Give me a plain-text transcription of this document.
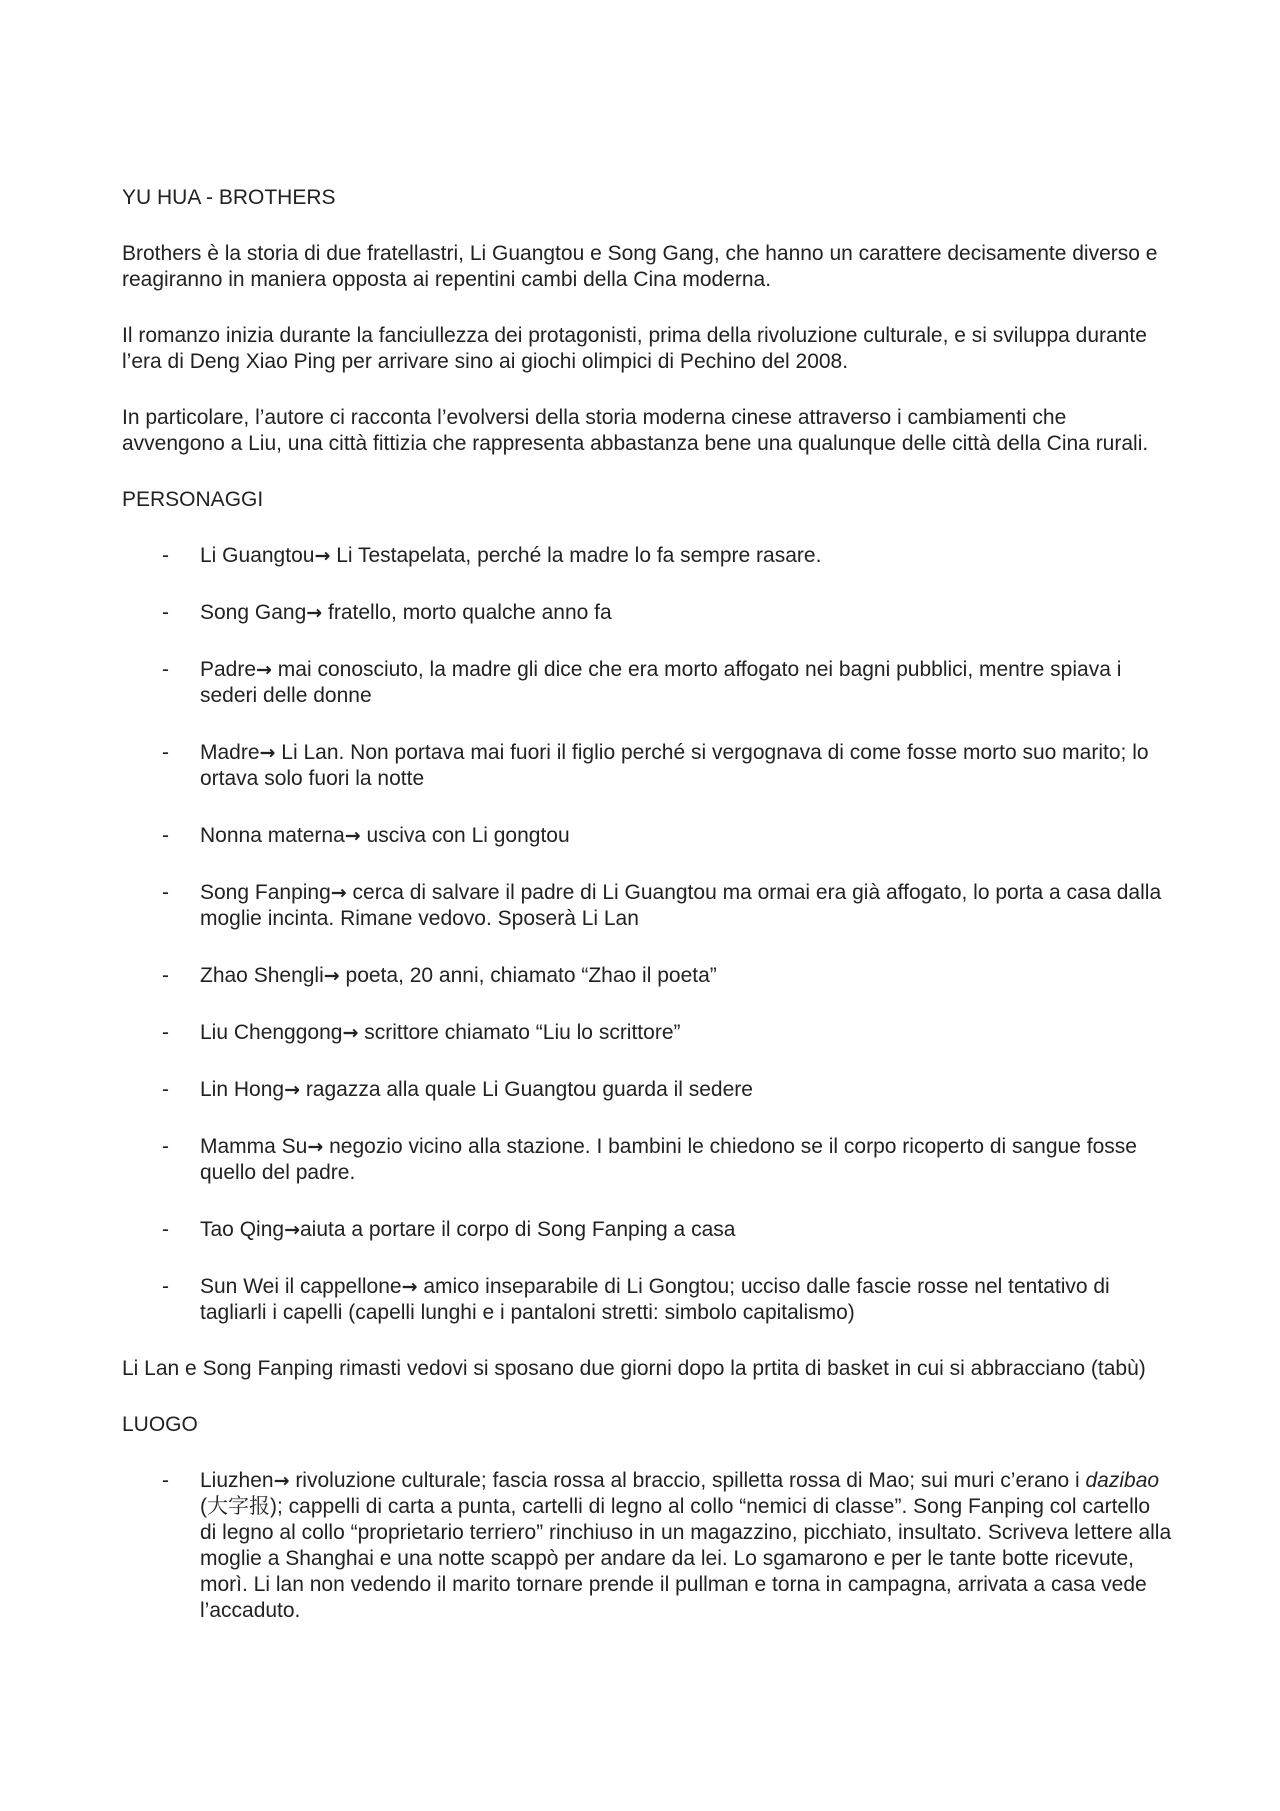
YU HUA - BROTHERS

Brothers è la storia di due fratellastri, Li Guangtou e Song Gang, che hanno un carattere decisamente diverso e reagiranno in maniera opposta ai repentini cambi della Cina moderna.

Il romanzo inizia durante la fanciullezza dei protagonisti, prima della rivoluzione culturale, e si sviluppa durante l’era di Deng Xiao Ping per arrivare sino ai giochi olimpici di Pechino del 2008.

In particolare, l’autore ci racconta l’evolversi della storia moderna cinese attraverso i cambiamenti che avvengono a Liu, una città fittizia che rappresenta abbastanza bene una qualunque delle città della Cina rurali.

PERSONAGGI

- Li Guangtou→ Li Testapelata, perché la madre lo fa sempre rasare.
- Song Gang→ fratello, morto qualche anno fa
- Padre→ mai conosciuto, la madre gli dice che era morto affogato nei bagni pubblici, mentre spiava i sederi delle donne
- Madre→ Li Lan. Non portava mai fuori il figlio perché si vergognava di come fosse morto suo marito; lo ortava solo fuori la notte
- Nonna materna→ usciva con Li gongtou
- Song Fanping→ cerca di salvare il padre di Li Guangtou ma ormai era già affogato, lo porta a casa dalla moglie incinta. Rimane vedovo. Sposerà Li Lan
- Zhao Shengli→ poeta, 20 anni, chiamato “Zhao il poeta”
- Liu Chenggong→ scrittore chiamato “Liu lo scrittore”
- Lin Hong→ ragazza alla quale Li Guangtou guarda il sedere
- Mamma Su→ negozio vicino alla stazione. I bambini le chiedono se il corpo ricoperto di sangue fosse quello del padre.
- Tao Qing→aiuta a portare il corpo di Song Fanping a casa
- Sun Wei il cappellone→ amico inseparabile di Li Gongtou; ucciso dalle fascie rosse nel tentativo di tagliarli i capelli (capelli lunghi e i pantaloni stretti: simbolo capitalismo)

Li Lan e Song Fanping rimasti vedovi si sposano due giorni dopo la prtita di basket in cui si abbracciano (tabù)

LUOGO

- Liuzhen→ rivoluzione culturale; fascia rossa al braccio, spilletta rossa di Mao; sui muri c’erano i dazibao (大字报); cappelli di carta a punta, cartelli di legno al collo “nemici di classe”. Song Fanping col cartello di legno al collo “proprietario terriero” rinchiuso in un magazzino, picchiato, insultato. Scriveva lettere alla moglie a Shanghai e una notte scappò per andare da lei. Lo sgamarono e per le tante botte ricevute, morì. Li lan non vedendo il marito tornare prende il pullman e torna in campagna, arrivata a casa vede l’accaduto.
